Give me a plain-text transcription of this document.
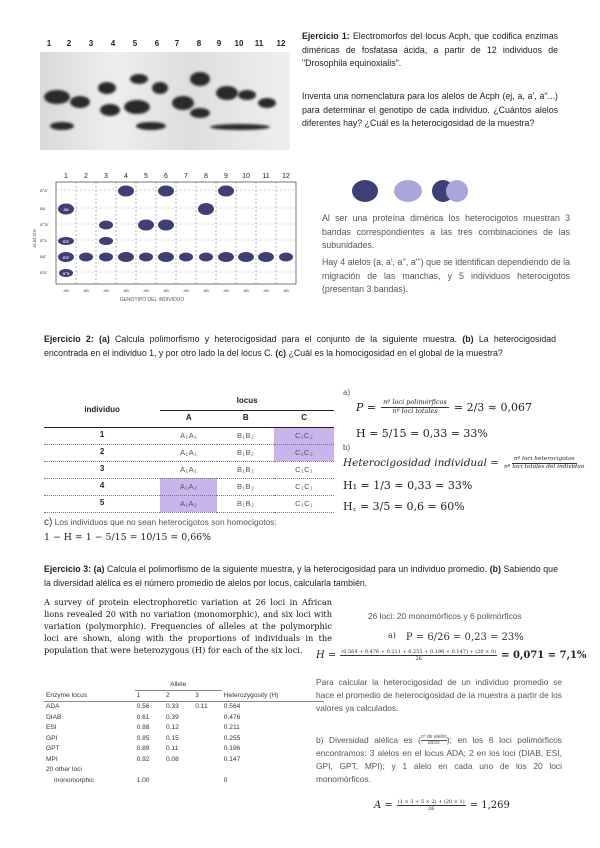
1	2	3	4	5	6	7	8	9	10	11	12
Ejercicio 1: Electromorfos del locus Acph, que codifica enzimas diméricas de fosfatasa ácida, a partir de 12 individuos de "Drosophila equinoxialis".
Inventa una nomenclatura para los alelos de Acph (ej, a, a', a''...) para determinar el genotipo de cada individuo. ¿Cuántos alelos diferentes hay? ¿Cuál es la heterocigosidad de la muestra?
1 2 3 4 5 6 7 8 9 10 11 12
a''a'
aa
a'''a'
a''a
aa'
a'a'
ALELOS
aa	aa	aa	aa	aa	aa	aa	aa	aa	aa	aa	aa
GENOTIPO DEL INDIVIDUO
aa
a'a'
a'a'
a''a
Al ser una proteína dimérica los heterocigotos muestran 3 bandas correspondientes a las tres combinaciones de las subunidades.
Hay 4 alelos (a, a', a'', a''') que se identifican dependiendo de la migración de las manchas, y 5 individuos heterocigotos (presentan 3 bandas).
Ejercicio 2: (a) Calcula polimorfismo y heterocigosidad para el conjunto de la siguiente muestra. (b) La heterocigosidad encontrada en el individuo 1, y por otro lado la del locus C. (c) ¿Cuál es la homocigosidad en el global de la muestra?
individuo	locus		
	A	B	C
1	A₁A₁	B₁B₂	C₁C₂
2	A₁A₁	B₁B₂	C₁C₂
3	A₁A₁	B₁B₂	C₁C₁
4	A₁A₂	B₁B₂	C₁C₁
5	A₁A₂	B₁B₂	C₁C₁
a)
P =	nº loci polimórficos
nº loci totales = 2/3 ≈ 0,067
H = 5/15 = 0,33 = 33%
b)
Heterocigosidad individual =	nº loci heterocigotos
nº loci totales del individuo
H₁ = 1/3 = 0,33 = 33%
H꜀ = 3/5 = 0,6 = 60%
c) Los individuos que no sean heterocigotos son homocigotos:
1 − H = 1 − 5/15 = 10/15 = 0,66%
Ejercicio 3: (a) Calcula el polimorfismo de la siguiente muestra, y la heterocigosidad para un individuo promedio. (b) Sabiendo que la diversidad alélica es el número promedio de alelos por locus, calcularla también.
A survey of protein electrophoretic variation at 26 loci in African lions revealed 20 with no variation (monomorphic), and six loci with variation (polymorphic). Frequencies of alleles at the polymorphic loci are shown, along with the proportions of individuals in the population that were heterozygous (H) for each of the six loci.
	Allele			
Enzyme locus	1	2	3	Heterozygosity (H)
ADA	0.56	0.33	0.11	0.564
DIAB	0.61	0.39		0.476
ESI	0.88	0.12		0.211
GPI	0.85	0.15		0.255
GPT	0.89	0.11		0.196
MPI	0.92	0.08		0.147
20 other loci				
monomorphic	1.00			0
26 loci: 20 monomórficos y 6 polimórficos
a) P = 6/26 = 0,23 = 23%
$H = \frac{(0.564 + 0.476 + 0.211 + 0.255 + 0.196 + 0.147) + (20 \times 0)}{26} = 0,071 = 7,1\%$
Para calcular la heterocigosidad de un individuo promedio se hace el promedio de heterocigosidad de la muestra a partir de los valores ya calculados.
b) Diversidad alélica es ( nº de alelos
locus ); en los 6 loci polimórficos encontramos: 3 alelos en el locus ADA; 2 en los loci (DIAB, ESI, GPI, GPT, MPI); y 1 alelo en cada uno de los 20 loci monomórficos.
$A = \frac{(1 \times 3 + 5 \times 2) + (20 \times 1)}{26} = 1,269$
